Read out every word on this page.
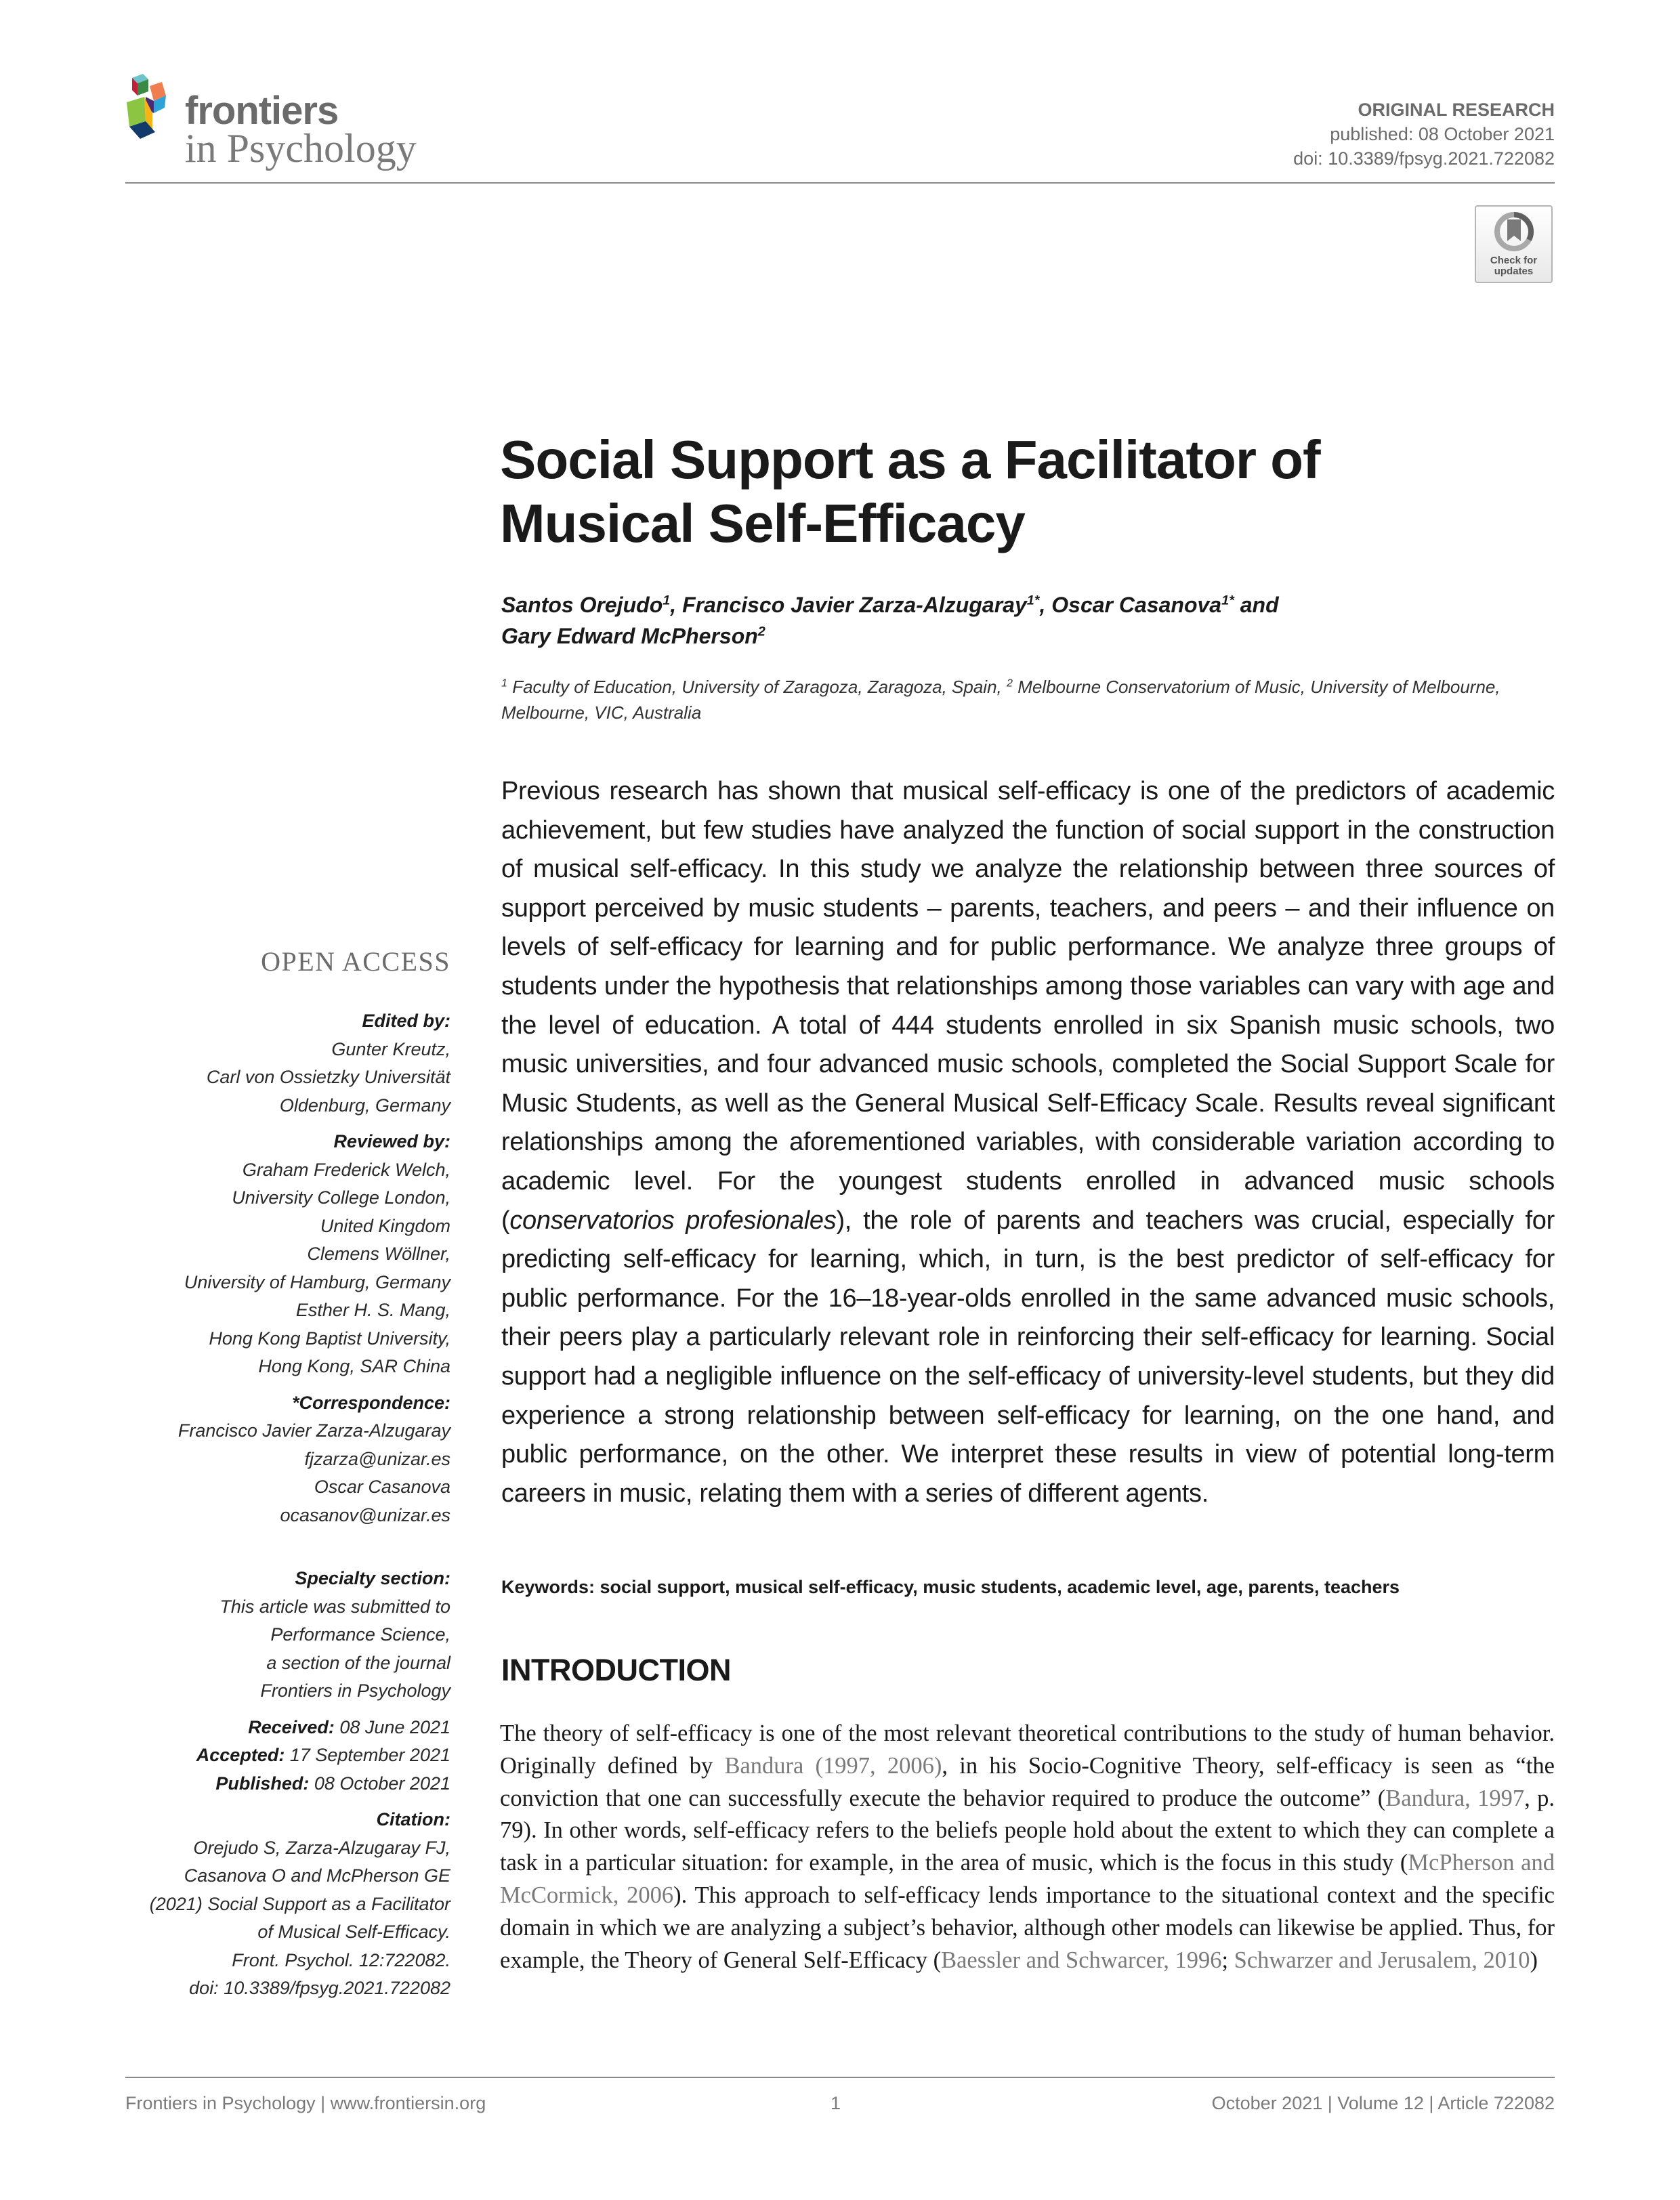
frontiers
in Psychology
ORIGINAL RESEARCH
published: 08 October 2021
doi: 10.3389/fpsyg.2021.722082
Check for
updates
Social Support as a Facilitator of
Musical Self-Efficacy
Santos Orejudo$^1$, Francisco Javier Zarza-Alzugaray$^{1*}$, Oscar Casanova$^{1*}$ and
Gary Edward McPherson$^2$
$^1$ Faculty of Education, University of Zaragoza, Zaragoza, Spain, $^2$ Melbourne Conservatorium of Music, University of Melbourne, Melbourne, VIC, Australia
Previous research has shown that musical self-efficacy is one of the predictors of academic achievement, but few studies have analyzed the function of social support in the construction of musical self-efficacy. In this study we analyze the relationship between three sources of support perceived by music students – parents, teachers, and peers – and their influence on levels of self-efficacy for learning and for public performance. We analyze three groups of students under the hypothesis that relationships among those variables can vary with age and the level of education. A total of 444 students enrolled in six Spanish music schools, two music universities, and four advanced music schools, completed the Social Support Scale for Music Students, as well as the General Musical Self-Efficacy Scale. Results reveal significant relationships among the aforementioned variables, with considerable variation according to academic level. For the youngest students enrolled in advanced music schools (conservatorios profesionales), the role of parents and teachers was crucial, especially for predicting self-efficacy for learning, which, in turn, is the best predictor of self-efficacy for public performance. For the 16–18-year-olds enrolled in the same advanced music schools, their peers play a particularly relevant role in reinforcing their self-efficacy for learning. Social support had a negligible influence on the self-efficacy of university-level students, but they did experience a strong relationship between self-efficacy for learning, on the one hand, and public performance, on the other. We interpret these results in view of potential long-term careers in music, relating them with a series of different agents.
Keywords: social support, musical self-efficacy, music students, academic level, age, parents, teachers
INTRODUCTION
The theory of self-efficacy is one of the most relevant theoretical contributions to the study of human behavior. Originally defined by Bandura (1997, 2006), in his Socio-Cognitive Theory, self-efficacy is seen as “the conviction that one can successfully execute the behavior required to produce the outcome” (Bandura, 1997, p. 79). In other words, self-efficacy refers to the beliefs people hold about the extent to which they can complete a task in a particular situation: for example, in the area of music, which is the focus in this study (McPherson and McCormick, 2006). This approach to self-efficacy lends importance to the situational context and the specific domain in which we are analyzing a subject’s behavior, although other models can likewise be applied. Thus, for example, the Theory of General Self-Efficacy (Baessler and Schwarcer, 1996; Schwarzer and Jerusalem, 2010)
OPEN ACCESS
Edited by:
Gunter Kreutz,
Carl von Ossietzky Universität
Oldenburg, Germany
Reviewed by:
Graham Frederick Welch,
University College London,
United Kingdom
Clemens Wöllner,
University of Hamburg, Germany
Esther H. S. Mang,
Hong Kong Baptist University,
Hong Kong, SAR China
*Correspondence:
Francisco Javier Zarza-Alzugaray
fjzarza@unizar.es
Oscar Casanova
ocasanov@unizar.es
Specialty section:
This article was submitted to
Performance Science,
a section of the journal
Frontiers in Psychology
Received: 08 June 2021
Accepted: 17 September 2021
Published: 08 October 2021
Citation:
Orejudo S, Zarza-Alzugaray FJ,
Casanova O and McPherson GE
(2021) Social Support as a Facilitator
of Musical Self-Efficacy.
Front. Psychol. 12:722082.
doi: 10.3389/fpsyg.2021.722082
Frontiers in Psychology | www.frontiersin.org	1	October 2021 | Volume 12 | Article 722082
